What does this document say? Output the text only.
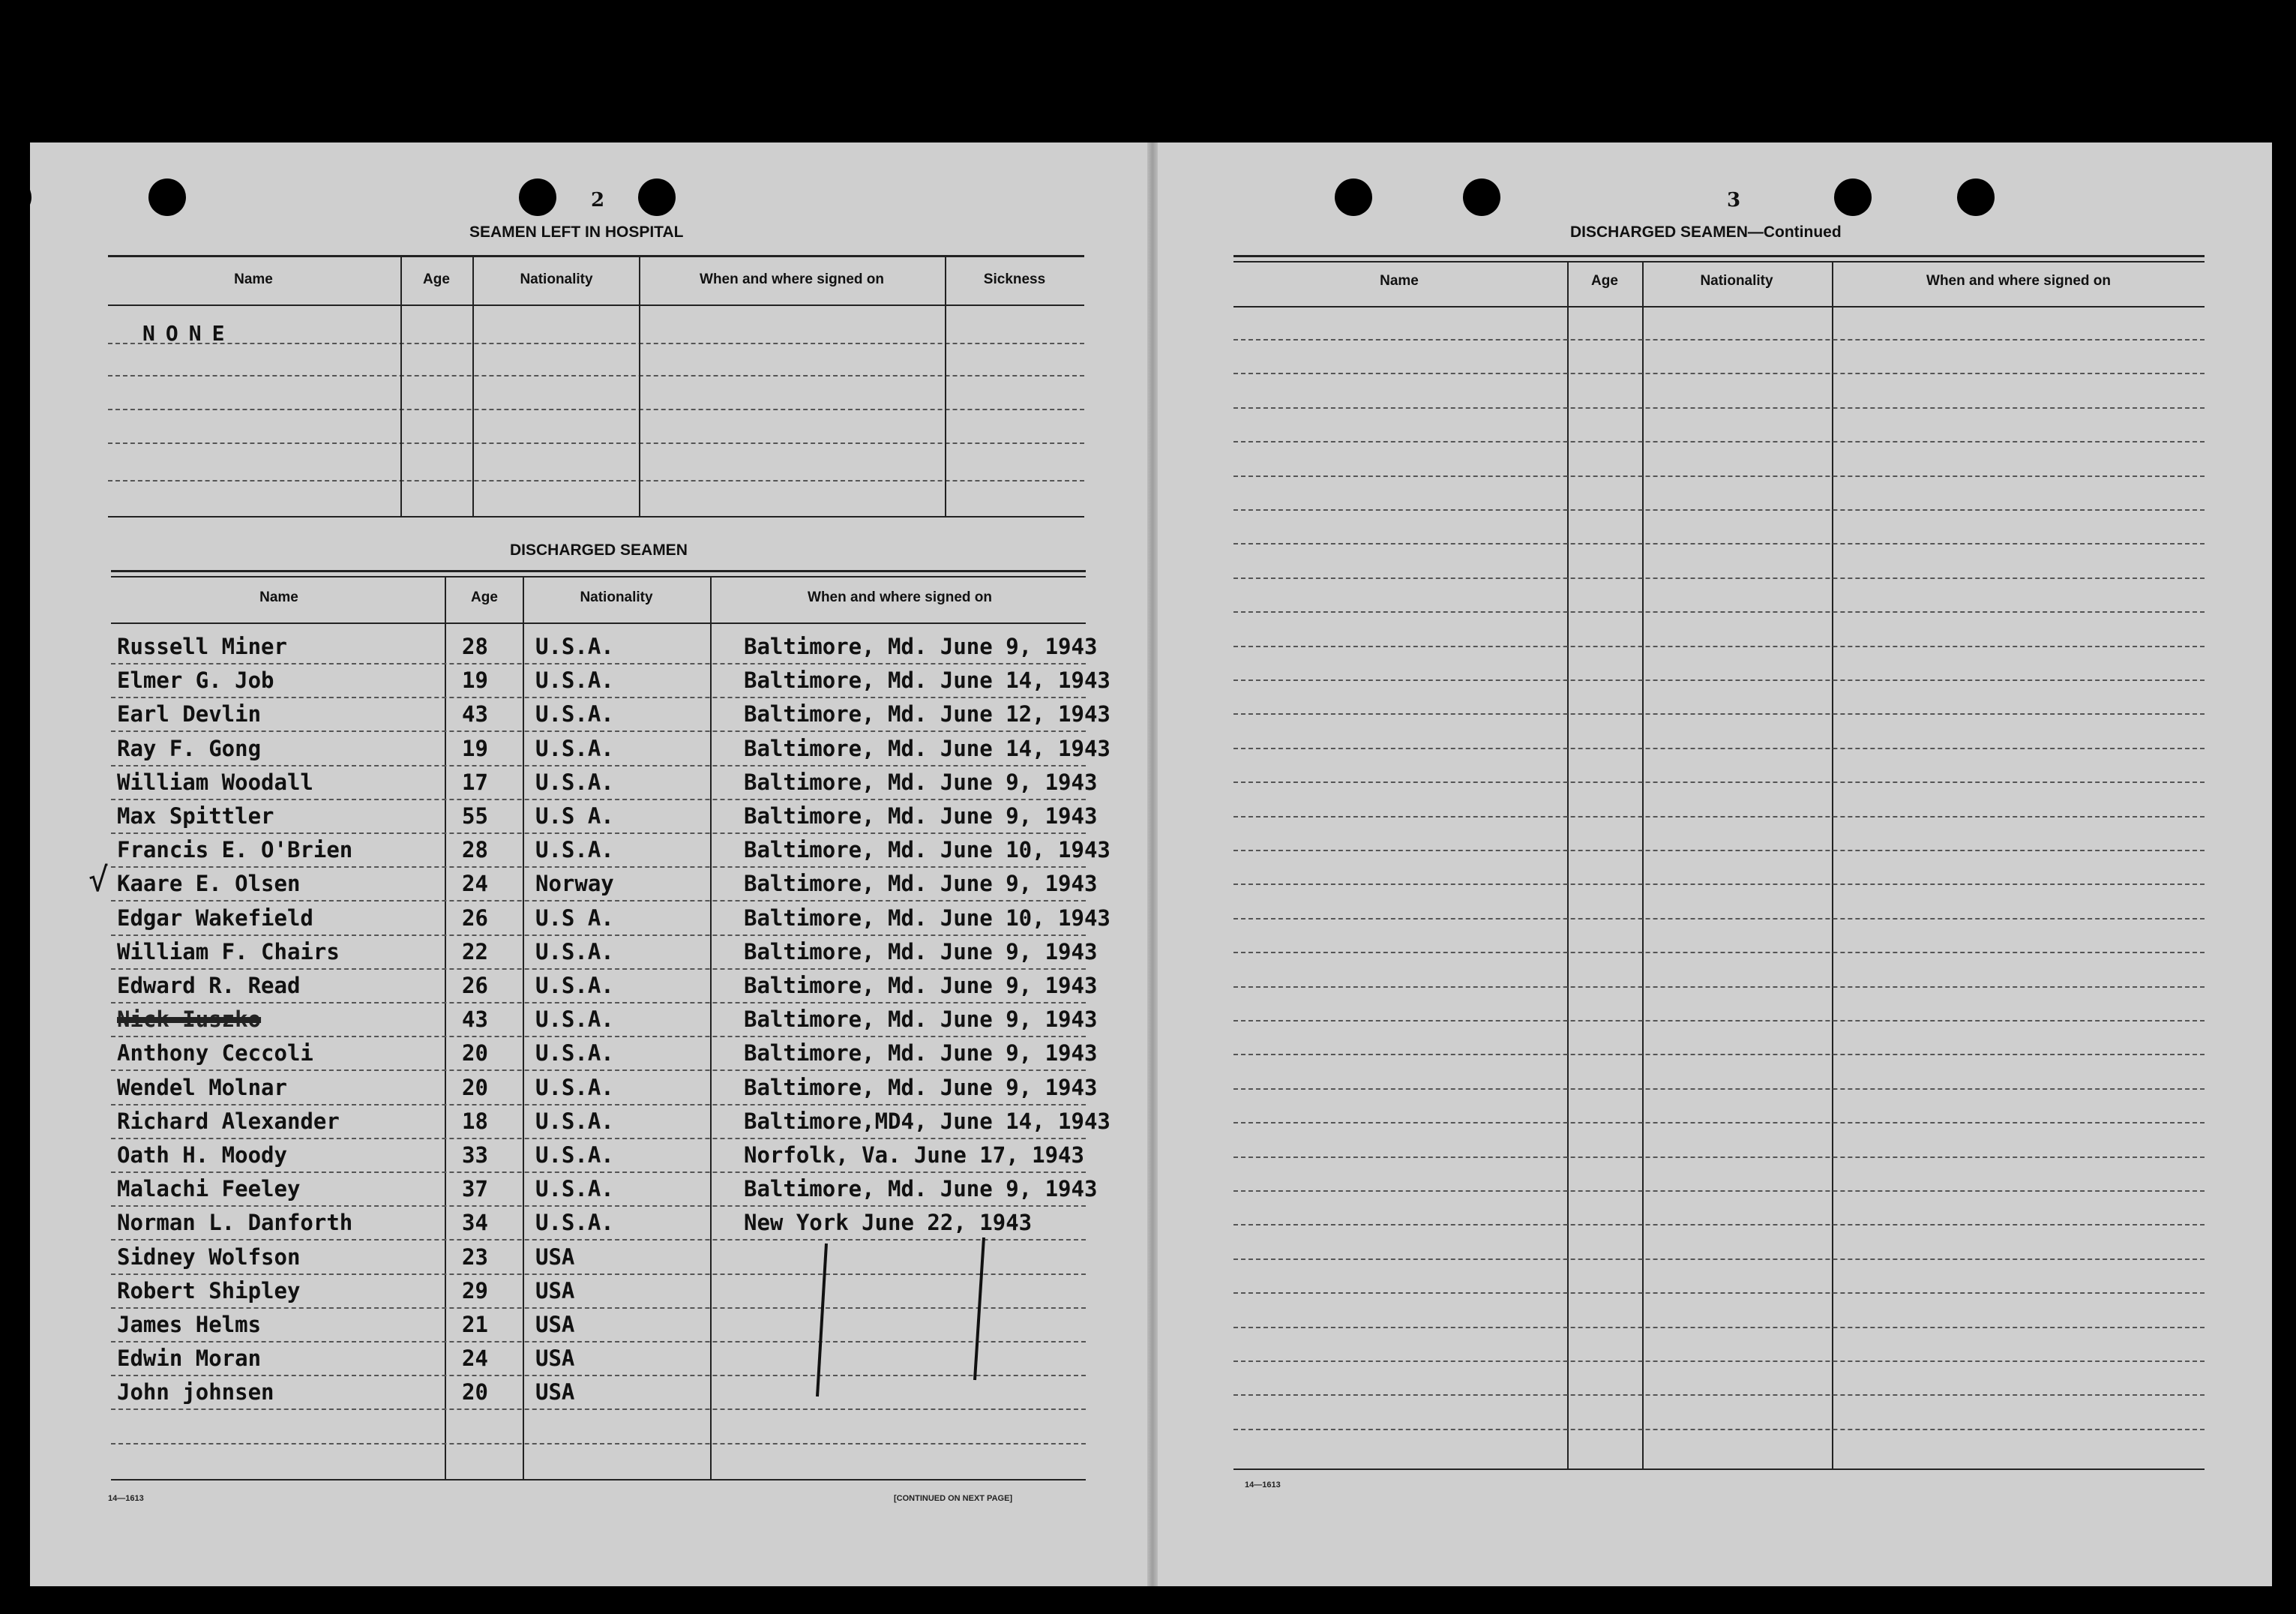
2
SEAMEN LEFT IN HOSPITAL
Name	Age	Nationality	When and where signed on	Sickness
NONE
DISCHARGED SEAMEN
Name	Age	Nationality	When and where signed on
Russell Miner	28 U.S.A.	Baltimore, Md. June 9, 1943
Elmer G. Job	19 U.S.A.	Baltimore, Md. June 14, 1943
Earl Devlin	43 U.S.A.	Baltimore, Md. June 12, 1943
Ray F. Gong	19 U.S.A.	Baltimore, Md. June 14, 1943
William Woodall	17 U.S.A.	Baltimore, Md. June 9, 1943
Max Spittler	55 U.S A.	Baltimore, Md. June 9, 1943
Francis E. O'Brien	28 U.S.A.	Baltimore, Md. June 10, 1943
Kaare E. Olsen	24 Norway	Baltimore, Md. June 9, 1943
Edgar Wakefield	26 U.S A.	Baltimore, Md. June 10, 1943
William F. Chairs	22 U.S.A.	Baltimore, Md. June 9, 1943
Edward R. Read	26 U.S.A.	Baltimore, Md. June 9, 1943
Nick Iuszko	43 U.S.A.	Baltimore, Md. June 9, 1943
Anthony Ceccoli	20 U.S.A.	Baltimore, Md. June 9, 1943
Wendel Molnar	20 U.S.A.	Baltimore, Md. June 9, 1943
Richard Alexander	18 U.S.A.	Baltimore,MD4, June 14, 1943
Oath H. Moody	33 U.S.A.	Norfolk, Va. June 17, 1943
Malachi Feeley	37 U.S.A.	Baltimore, Md. June 9, 1943
Norman L. Danforth	34 U.S.A.	New York June 22, 1943
Sidney Wolfson	23 USA
Robert Shipley	29 USA
James Helms	21 USA
Edwin Moran	24 USA
John johnsen	20 USA
√
14—1613	[CONTINUED ON NEXT PAGE]
3
DISCHARGED SEAMEN—Continued
Name	Age	Nationality	When and where signed on
14—1613
